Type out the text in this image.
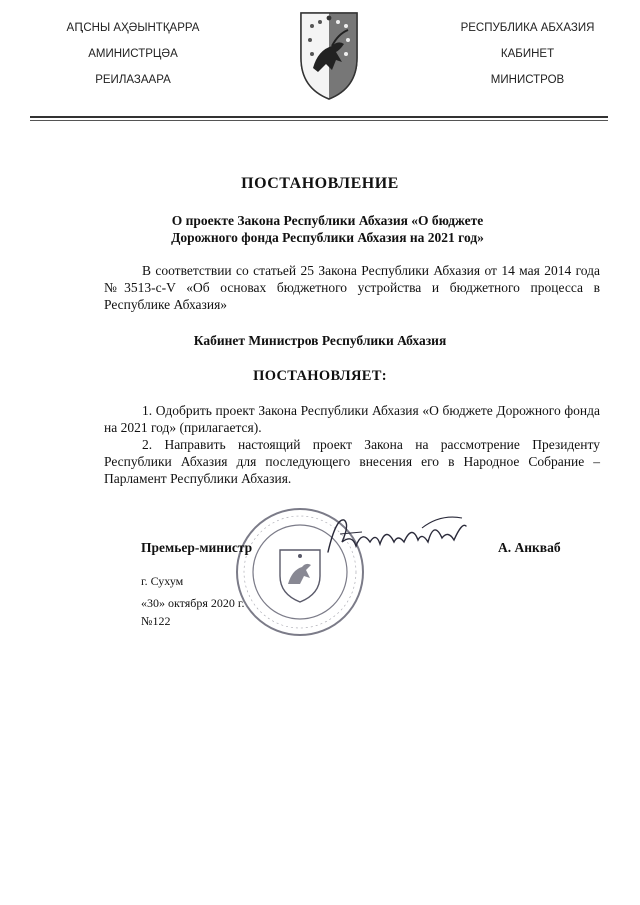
АԤСНЫ АҲӘЫНТҚАРРА
АМИНИСТРЦӘА
РЕИЛАЗААРА
РЕСПУБЛИКА АБХАЗИЯ
КАБИНЕТ
МИНИСТРОВ
ПОСТАНОВЛЕНИЕ
О проекте Закона Республики Абхазия «О бюджете
Дорожного фонда Республики Абхазия на 2021 год»

В соответствии со статьей 25 Закона Республики Абхазия от 14 мая 2014 года №3513-с-V «Об основах бюджетного устройства и бюджетного процесса в Республике Абхазия»

Кабинет Министров Республики Абхазия
ПОСТАНОВЛЯЕТ:

1. Одобрить проект Закона Республики Абхазия «О бюджете Дорожного фонда на 2021 год» (прилагается).

2. Направить настоящий проект Закона на рассмотрение Президенту Республики Абхазия для последующего внесения его в Народное Собрание – Парламент Республики Абхазия.

Премьер-министр	А. Анкваб
г. Сухум
«30» октября 2020 г.
№122
